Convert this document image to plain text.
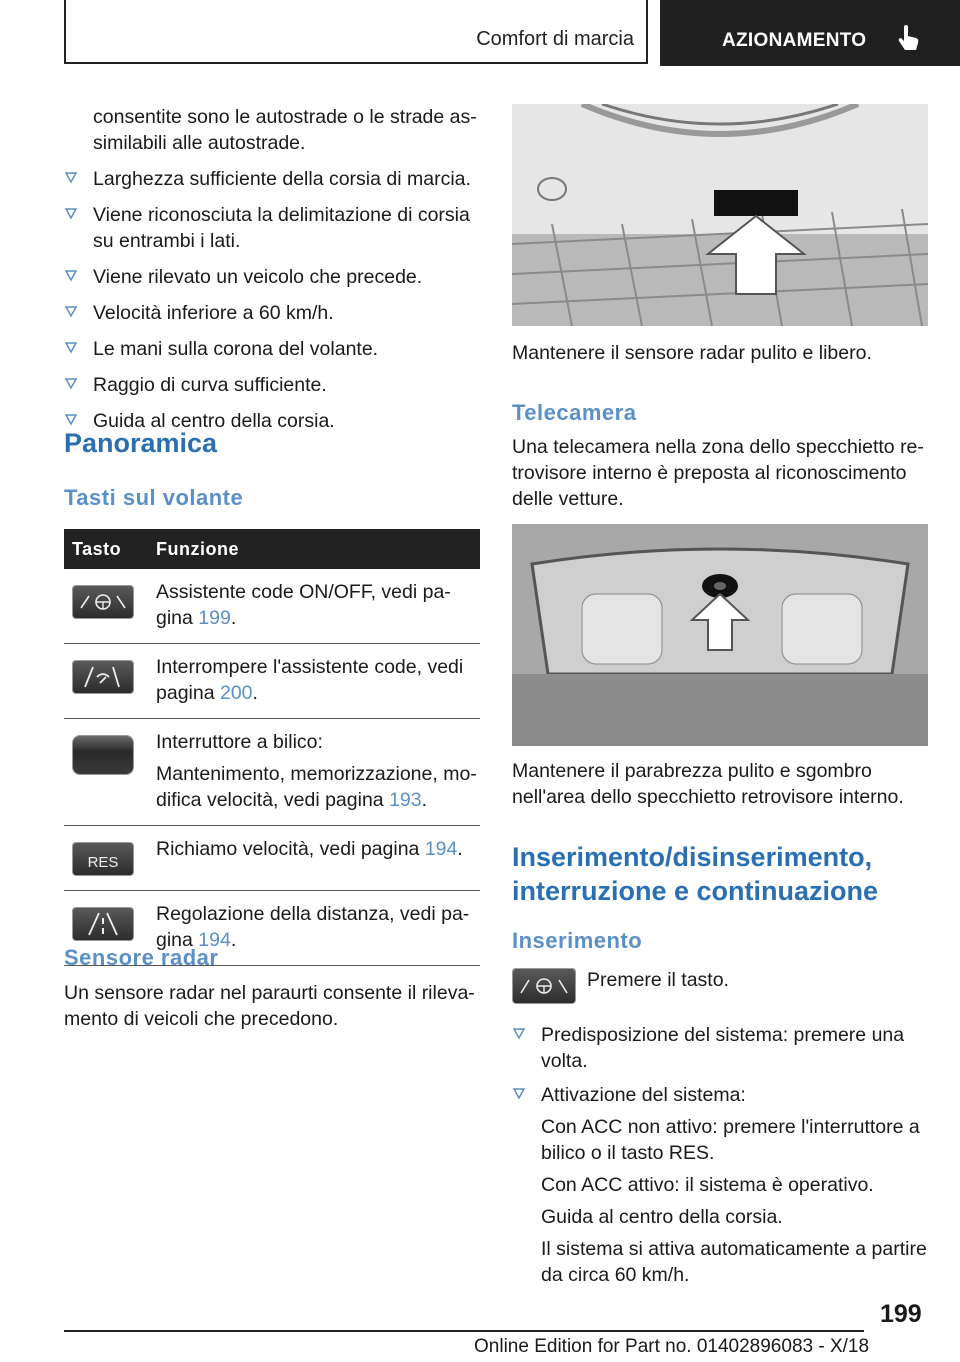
Comfort di marcia	AZIONAMENTO
consentite sono le autostrade o le strade assimilabili alle autostrade.
Larghezza sufficiente della corsia di marcia.
Viene riconosciuta la delimitazione di corsia su entrambi i lati.
Viene rilevato un veicolo che precede.
Velocità inferiore a 60 km/h.
Le mani sulla corona del volante.
Raggio di curva sufficiente.
Guida al centro della corsia.
Panoramica
Tasti sul volante
Tasto	Funzione

	Assistente code ON/OFF, vedi pagina 199.

	Interrompere l'assistente code, vedi pagina 200.

	Interruttore a bilico:

Mantenimento, memorizzazione, modifica velocità, vedi pagina 193.

RES	Richiamo velocità, vedi pagina 194.

	Regolazione della distanza, vedi pagina 194.
Sensore radar
Un sensore radar nel paraurti consente il rilevamento di veicoli che precedono.
Mantenere il sensore radar pulito e libero.
Telecamera
Una telecamera nella zona dello specchietto retrovisore interno è preposta al riconoscimento delle vetture.
Mantenere il parabrezza pulito e sgombro nell'area dello specchietto retrovisore interno.
Inserimento/disinserimento, interruzione e continuazione
Inserimento
Premere il tasto.
Predisposizione del sistema: premere una volta.
Attivazione del sistema:
Con ACC non attivo: premere l'interruttore a bilico o il tasto RES.
Con ACC attivo: il sistema è operativo.
Guida al centro della corsia.
Il sistema si attiva automaticamente a partire da circa 60 km/h.
199
Online Edition for Part no. 01402896083 - X/18
